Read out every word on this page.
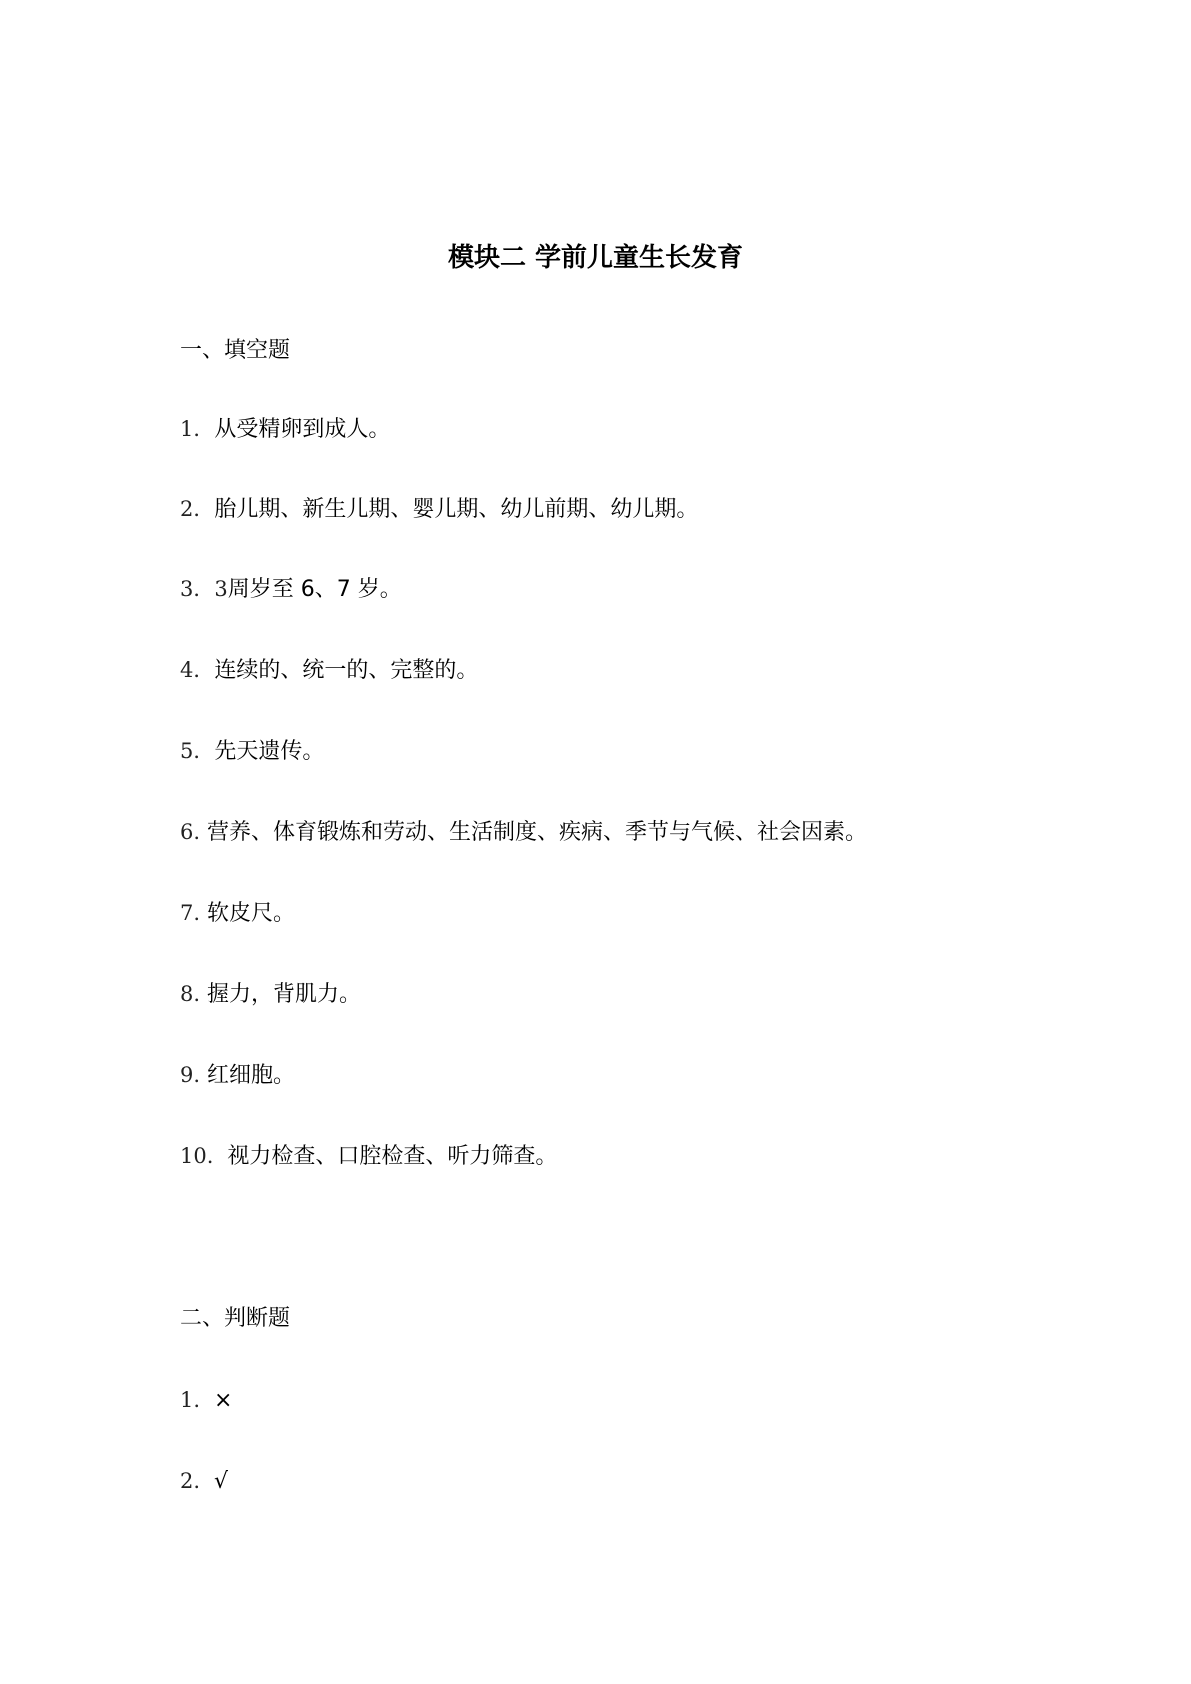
模块二 学前儿童生长发育
一、填空题
1．从受精卵到成人。
2．胎儿期、新生儿期、婴儿期、幼儿前期、幼儿期。
3．3周岁至 6、7 岁。
4．连续的、统一的、完整的。
5．先天遗传。
6. 营养、体育锻炼和劳动、生活制度、疾病、季节与气候、社会因素。
7. 软皮尺。
8. 握力，背肌力。
9. 红细胞。
10. 视力检查、口腔检查、听力筛查。
二、判断题
1. ×
2. √
